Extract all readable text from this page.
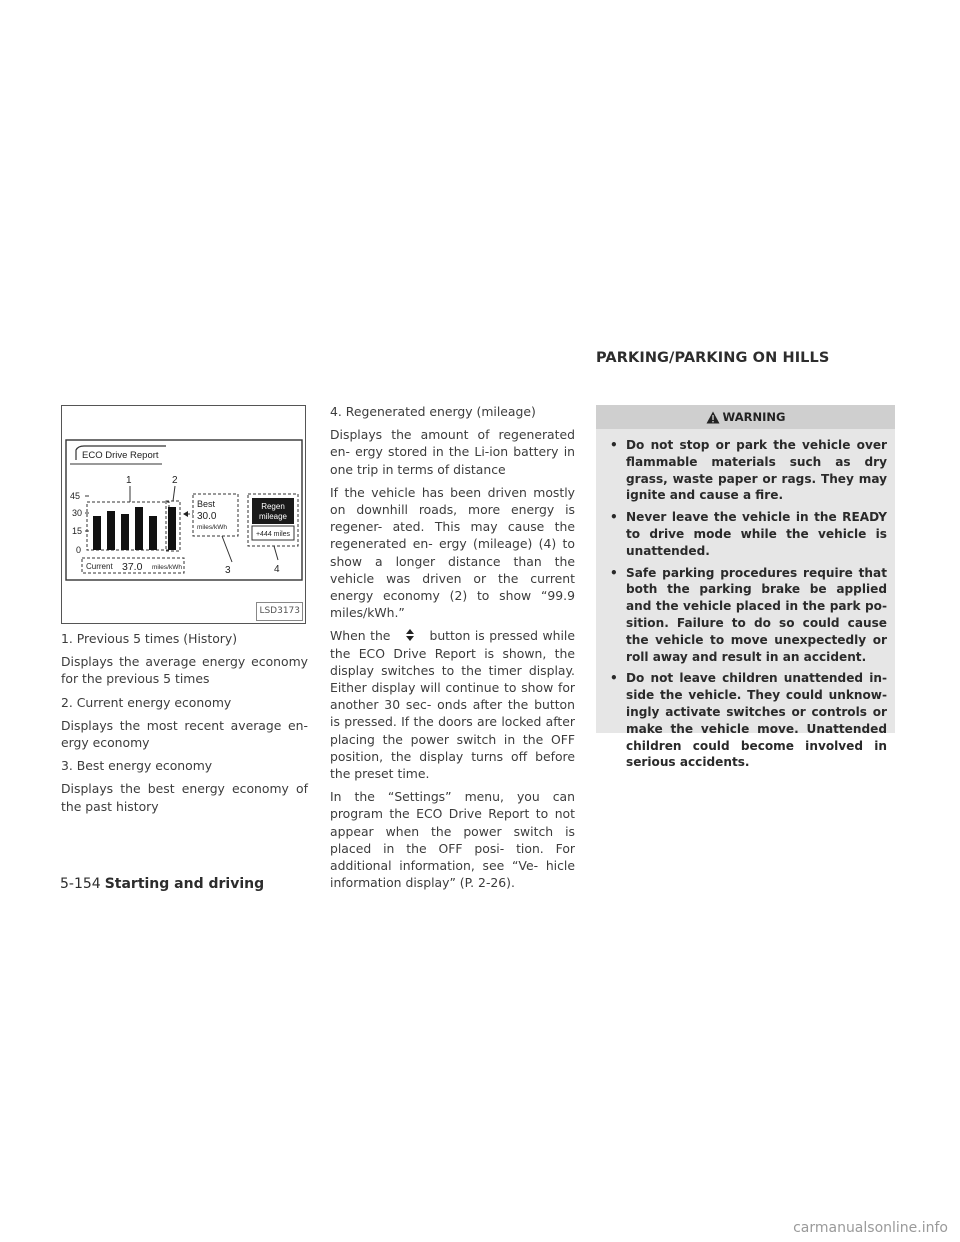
PARKING/PARKING ON HILLS
ECO Drive Report
45
30
15
0
1	2
Best
30.0
miles/kWh
3
Regen
mileage
+444 miles
4
Current 37.0 miles/kWh
LSD3173

1. Previous 5 times (History)

Displays the average energy economy for the previous 5 times

2. Current energy economy

Displays the most recent average en- ergy economy

3. Best energy economy

Displays the best energy economy of the past history

4. Regenerated energy (mileage)

Displays the amount of regenerated en- ergy stored in the Li-ion battery in one trip in terms of distance

If the vehicle has been driven mostly on downhill roads, more energy is regener- ated. This may cause the regenerated en- ergy (mileage) (4) to show a longer distance than the vehicle was driven or the current energy economy (2) to show “99.9 miles/kWh.”

When the	button is pressed while the ECO Drive Report is shown, the display switches to the timer display. Either display will continue to show for another 30 sec- onds after the button is pressed. If the doors are locked after placing the power switch in the OFF position, the display turns off before the preset time.

In the “Settings” menu, you can program the ECO Drive Report to not appear when the power switch is placed in the OFF posi- tion. For additional information, see “Ve- hicle information display” (P. 2-26).

WARNING
• Do not stop or park the vehicle over flammable materials such as dry grass, waste paper or rags. They may ignite and cause a fire.
• Never leave the vehicle in the READY to drive mode while the vehicle is unattended.
• Safe parking procedures require that both the parking brake be applied and the vehicle placed in the park po- sition. Failure to do so could cause the vehicle to move unexpectedly or roll away and result in an accident.
• Do not leave children unattended in- side the vehicle. They could unknow- ingly activate switches or controls or make the vehicle move. Unattended children could become involved in serious accidents.
5-154 Starting and driving
carmanualsonline.info
